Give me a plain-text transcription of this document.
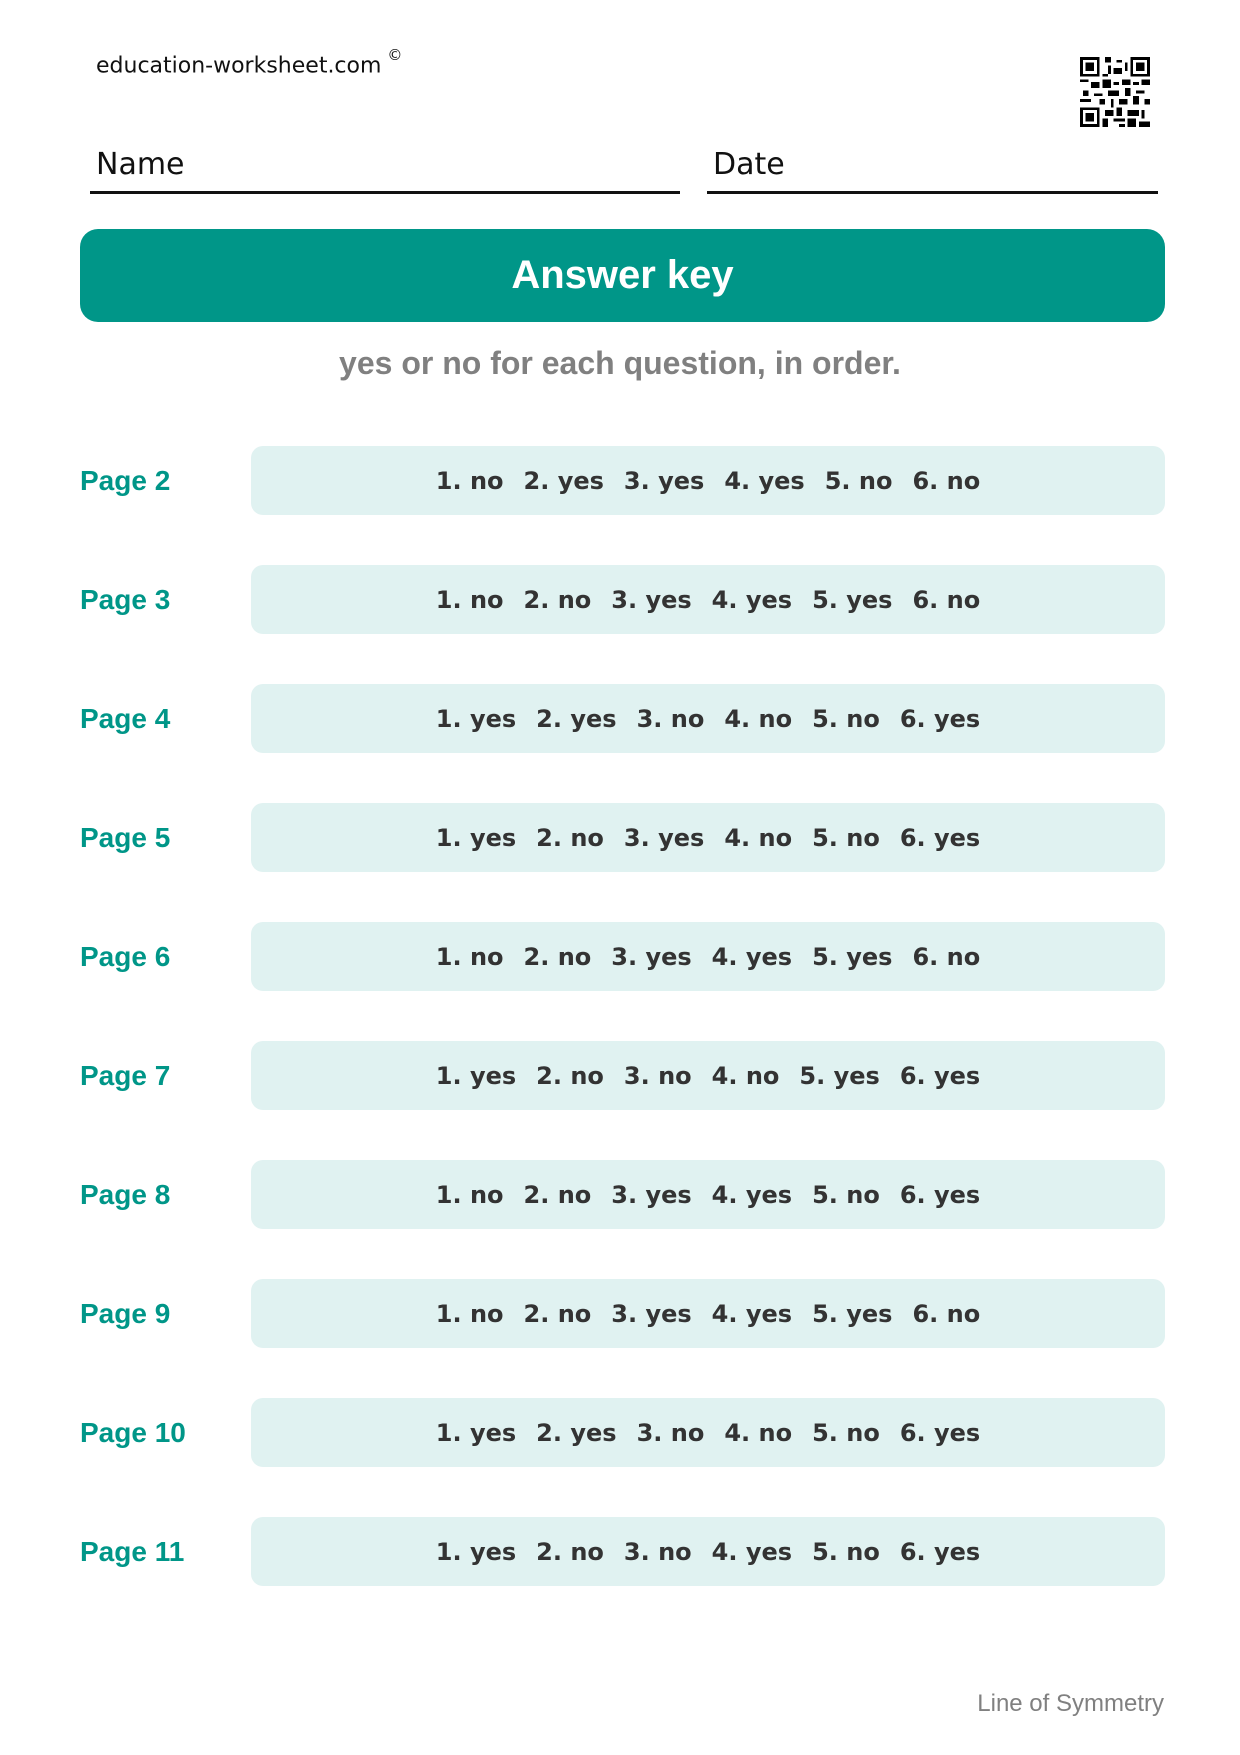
education-worksheet.com ©
Name	Date
Answer key
yes or no for each question, in order.
Page 2	1. no 2. yes 3. yes 4. yes 5. no 6. no
Page 3	1. no 2. no 3. yes 4. yes 5. yes 6. no
Page 4	1. yes 2. yes 3. no 4. no 5. no 6. yes
Page 5	1. yes 2. no 3. yes 4. no 5. no 6. yes
Page 6	1. no 2. no 3. yes 4. yes 5. yes 6. no
Page 7	1. yes 2. no 3. no 4. no 5. yes 6. yes
Page 8	1. no 2. no 3. yes 4. yes 5. no 6. yes
Page 9	1. no 2. no 3. yes 4. yes 5. yes 6. no
Page 10	1. yes 2. yes 3. no 4. no 5. no 6. yes
Page 11	1. yes 2. no 3. no 4. yes 5. no 6. yes
Line of Symmetry
